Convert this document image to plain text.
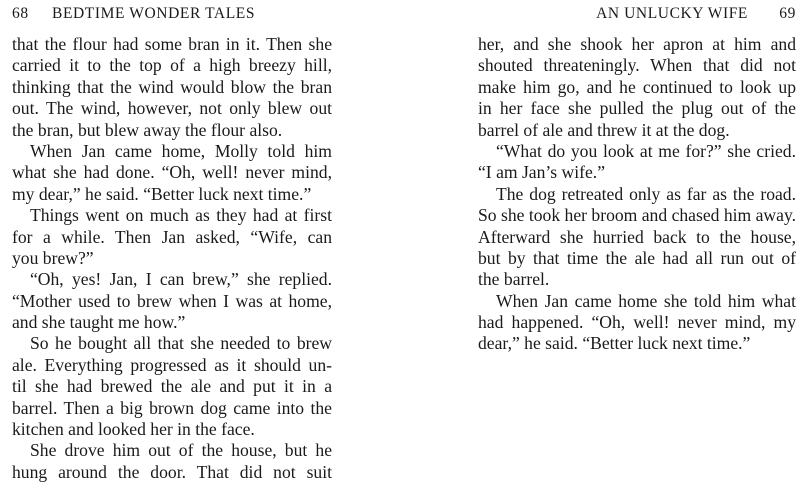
68 BEDTIME WONDER TALES
that the flour had some bran in it. Then she
carried it to the top of a high breezy hill,
thinking that the wind would blow the bran
out. The wind, however, not only blew out
the bran, but blew away the flour also.
When Jan came home, Molly told him
what she had done. “Oh, well! never mind,
my dear,” he said. “Better luck next time.”
Things went on much as they had at first
for a while. Then Jan asked, “Wife, can
you brew?”
“Oh, yes! Jan, I can brew,” she replied.
“Mother used to brew when I was at home,
and she taught me how.”
So he bought all that she needed to brew
ale. Everything progressed as it should un-
til she had brewed the ale and put it in a
barrel. Then a big brown dog came into the
kitchen and looked her in the face.
She drove him out of the house, but he
hung around the door. That did not suit
AN UNLUCKY WIFE 69
her, and she shook her apron at him and
shouted threateningly. When that did not
make him go, and he continued to look up
in her face she pulled the plug out of the
barrel of ale and threw it at the dog.
“What do you look at me for?” she cried.
“I am Jan’s wife.”
The dog retreated only as far as the road.
So she took her broom and chased him away.
Afterward she hurried back to the house,
but by that time the ale had all run out of
the barrel.
When Jan came home she told him what
had happened. “Oh, well! never mind, my
dear,” he said. “Better luck next time.”
